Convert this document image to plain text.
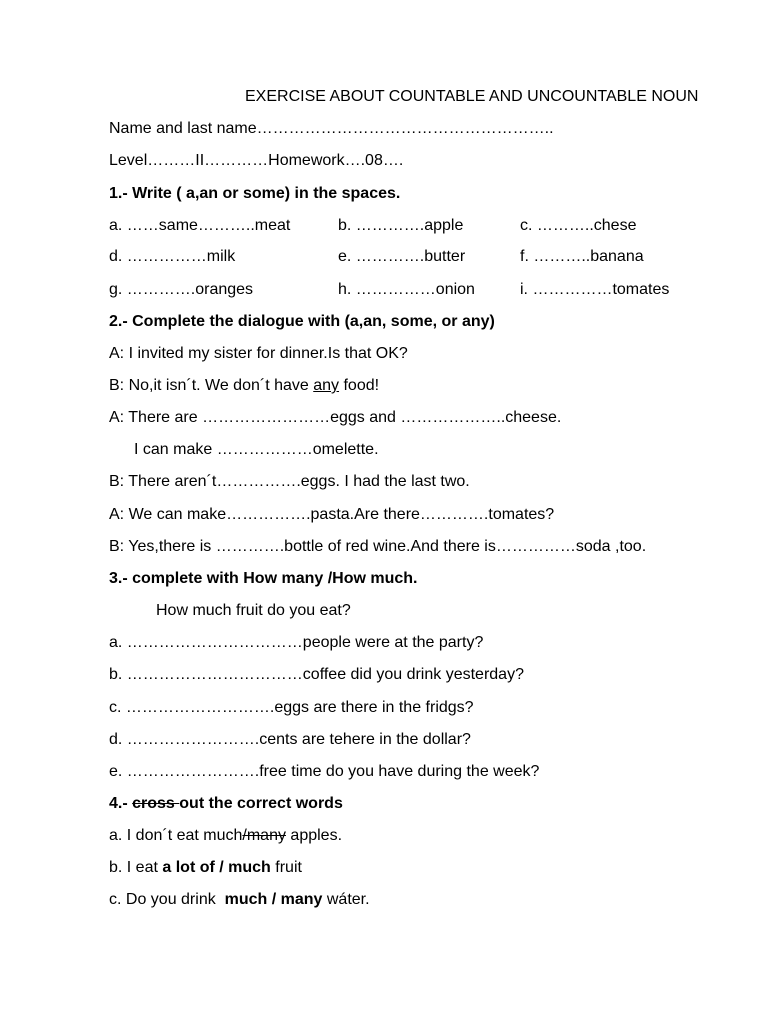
EXERCISE ABOUT COUNTABLE AND UNCOUNTABLE NOUN
Name and last name………………………………………………..
Level………II…………Homework….08….
1.- Write ( a,an or some) in the spaces.
a. ……same………..meat	b. ………….apple	c. ………..chese
d. ……………milk	e. ………….butter	f. ………..banana
g. ………….oranges	h. ……………onion	i. ……………tomates
2.- Complete the dialogue with (a,an, some, or any)
A: I invited my sister for dinner.Is that OK?
B: No,it isn´t. We don´t have any food!
A: There are ……………………eggs and ………………..cheese.
I can make ………………omelette.
B: There aren´t…………….eggs. I had the last two.
A: We can make…………….pasta.Are there………….tomates?
B: Yes,there is ………….bottle of red wine.And there is……………soda ,too.
3.- complete with How many /How much.
How much fruit do you eat?
a. ……………………………people were at the party?
b. ……………………………coffee did you drink yesterday?
c. ……………………….eggs are there in the fridgs?
d. …………………….cents are tehere in the dollar?
e. …………………….free time do you have during the week?
4.- cross out the correct words
a. I don´t eat much/many apples.
b. I eat a lot of / much fruit
c. Do you drink  much / many wáter.
